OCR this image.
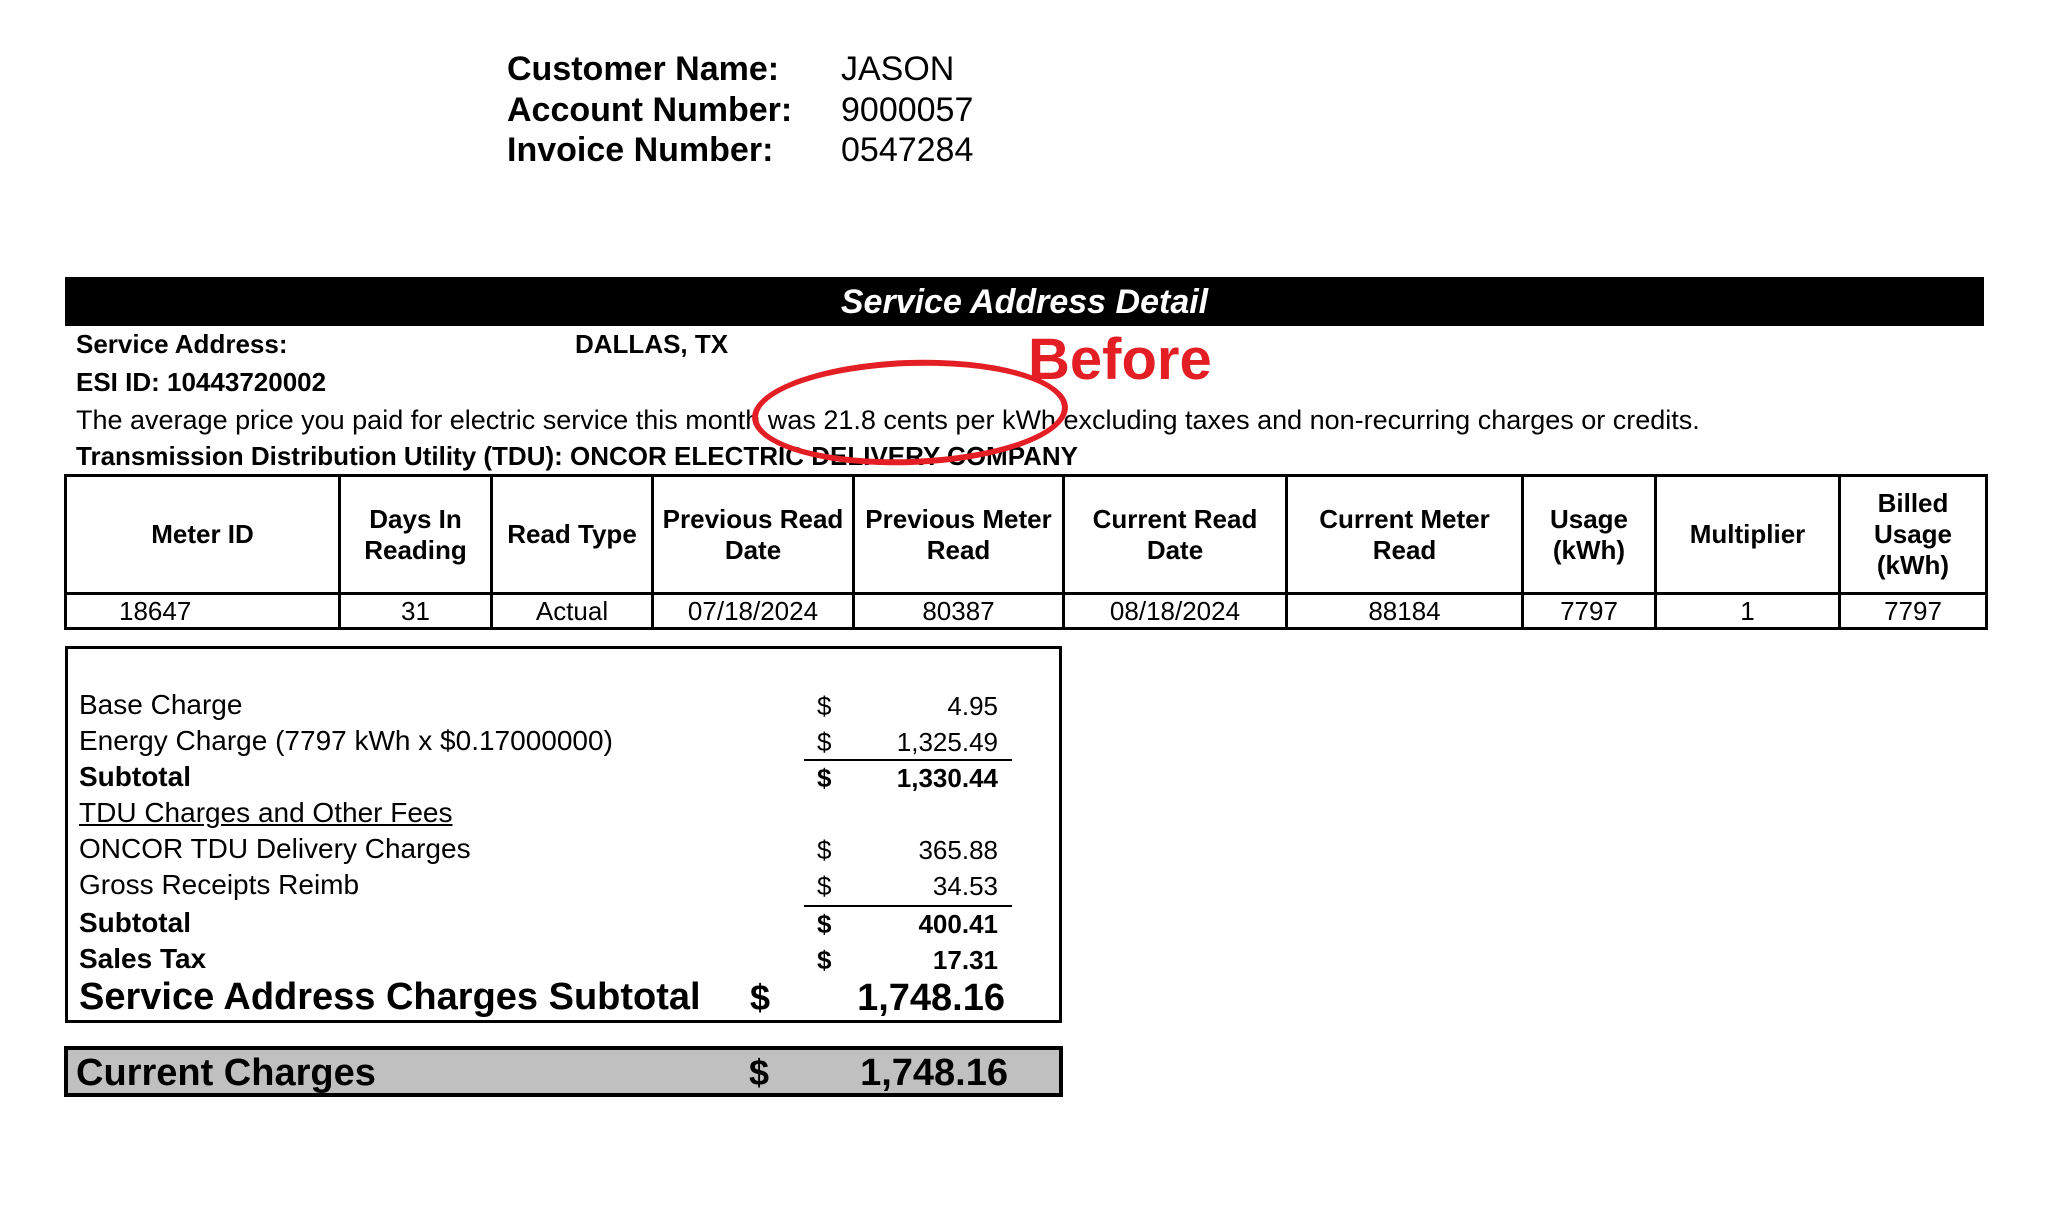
Customer Name: JASON
Account Number: 9000057
Invoice Number: 0547284
Service Address Detail
Service Address:	DALLAS, TX
ESI ID: 10443720002
The average price you paid for electric service this month was 21.8 cents per kWh excluding taxes and non-recurring charges or credits.
Transmission Distribution Utility (TDU): ONCOR ELECTRIC DELIVERY COMPANY
Before
Meter ID	Days In Reading	Read Type	Previous Read Date	Previous Meter Read	Current Read Date	Current Meter Read	Usage (kWh)	Multiplier	Billed Usage (kWh)
18647	31	Actual	07/18/2024	80387	08/18/2024	88184	7797	1	7797
Base Charge	$	4.95
Energy Charge (7797 kWh x $0.17000000)	$	1,325.49
Subtotal	$	1,330.44
TDU Charges and Other Fees
ONCOR TDU Delivery Charges	$	365.88
Gross Receipts Reimb	$	34.53
Subtotal	$	400.41
Sales Tax	$	17.31
Service Address Charges Subtotal $ 1,748.16
Current Charges	$ 1,748.16
